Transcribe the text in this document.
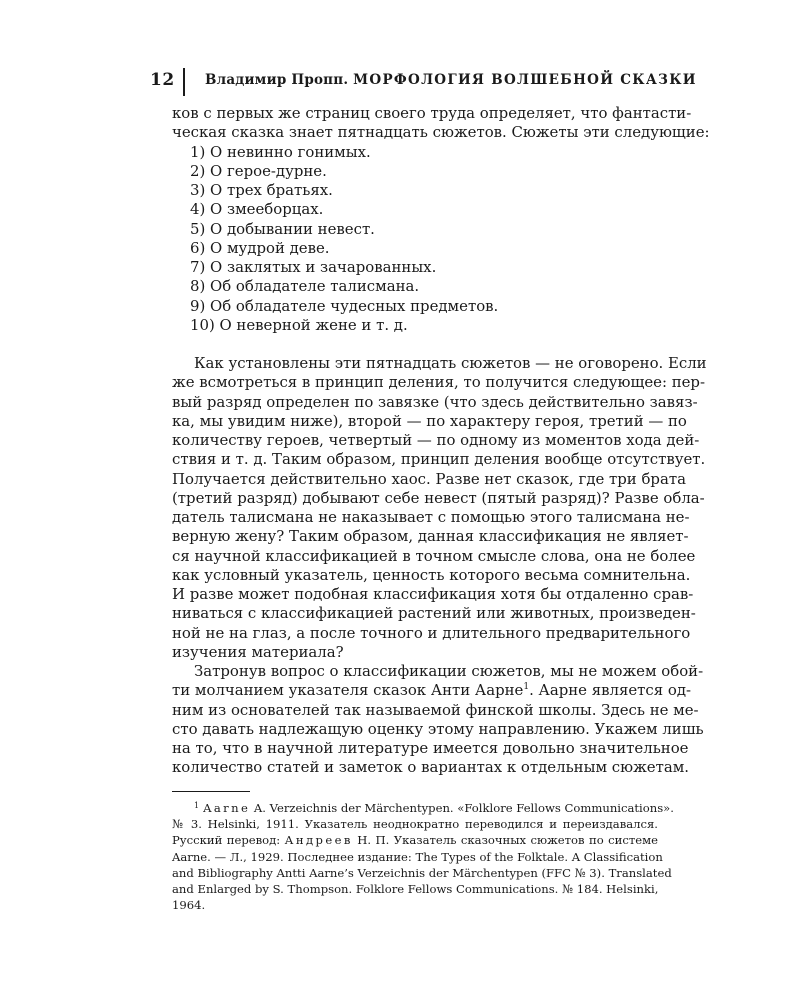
12 Владимир Пропп. МОРФОЛОГИЯ ВОЛШЕБНОЙ СКАЗКИ
ков с первых же страниц своего труда определяет, что фантасти-
ческая сказка знает пятнадцать сюжетов. Сюжеты эти следующие:
1) О невинно гонимых.
2) О герое-дурне.
3) О трех братьях.
4) О змееборцах.
5) О добывании невест.
6) О мудрой деве.
7) О заклятых и зачарованных.
8) Об обладателе талисмана.
9) Об обладателе чудесных предметов.
10) О неверной жене и т. д.
Как установлены эти пятнадцать сюжетов — не оговорено. Если
же всмотреться в принцип деления, то получится следующее: пер-
вый разряд определен по завязке (что здесь действительно завяз-
ка, мы увидим ниже), второй — по характеру героя, третий — по
количеству героев, четвертый — по одному из моментов хода дей-
ствия и т. д. Таким образом, принцип деления вообще отсутствует.
Получается действительно хаос. Разве нет сказок, где три брата
(третий разряд) добывают себе невест (пятый разряд)? Разве обла-
датель талисмана не наказывает с помощью этого талисмана не-
верную жену? Таким образом, данная классификация не являет-
ся научной классификацией в точном смысле слова, она не более
как условный указатель, ценность которого весьма сомнительна.
И разве может подобная классификация хотя бы отдаленно срав-
ниваться с классификацией растений или животных, произведен-
ной не на глаз, а после точного и длительного предварительного
изучения материала?
Затронув вопрос о классификации сюжетов, мы не можем обой-
ти молчанием указателя сказок Анти Аарне$^1$. Аарне является од-
ним из основателей так называемой финской школы. Здесь не ме-
сто давать надлежащую оценку этому направлению. Укажем лишь
на то, что в научной литературе имеется довольно значительное
количество статей и заметок о вариантах к отдельным сюжетам.
$^1$ Aarne A. Verzeichnis der Märchentypen. «Folklore Fellows Communications».
№ 3. Helsinki, 1911. Указатель неоднократно переводился и переиздавался.
Русский перевод: Андреев Н. П. Указатель сказочных сюжетов по системе
Aarne. — Л., 1929. Последнее издание: The Types of the Folktale. A Classification
and Bibliography Antti Aarne’s Verzeichnis der Märchentypen (FFC № 3). Translated
and Enlarged by S. Thompson. Folklore Fellows Communications. № 184. Helsinki,
1964.
